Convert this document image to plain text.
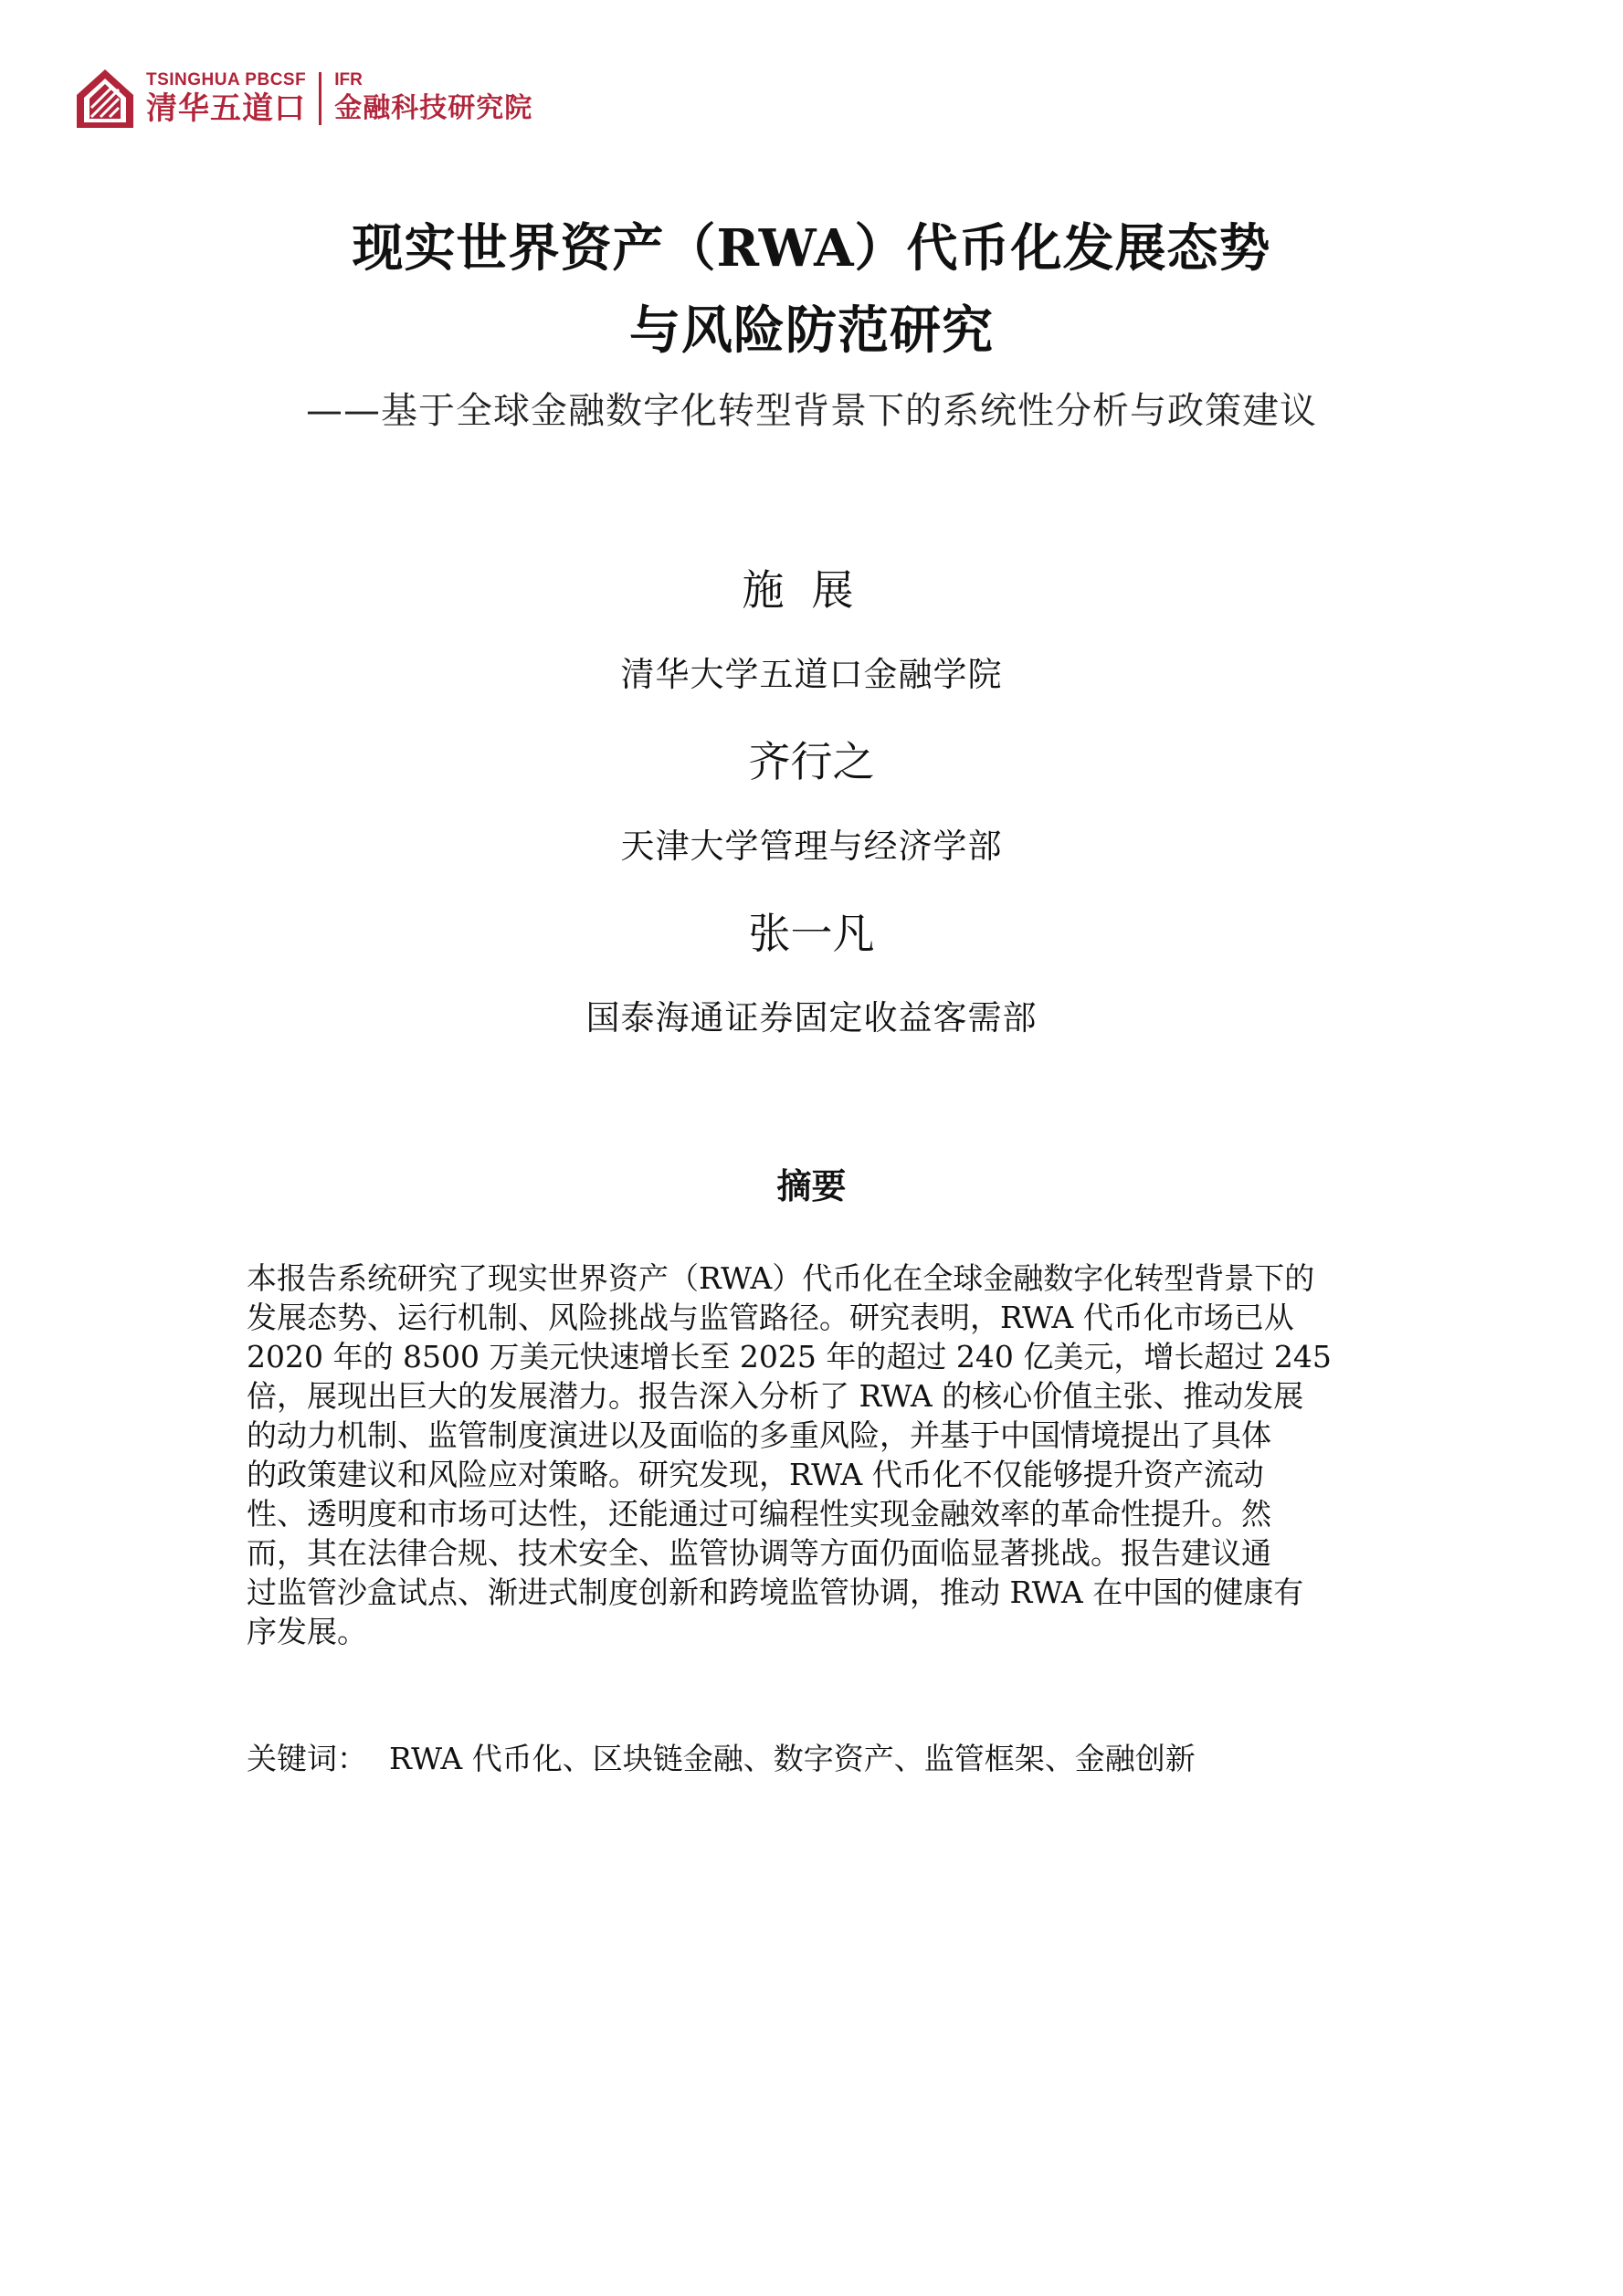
TSINGHUA PBCSF
清华五道口
IFR
金融科技研究院
现实世界资产（RWA）代币化发展态势
与风险防范研究
——基于全球金融数字化转型背景下的系统性分析与政策建议
施展
清华大学五道口金融学院
齐行之
天津大学管理与经济学部
张一凡
国泰海通证券固定收益客需部
摘要
本报告系统研究了现实世界资产（RWA）代币化在全球金融数字化转型背景下的
发展态势、运行机制、风险挑战与监管路径。研究表明，RWA 代币化市场已从
2020 年的 8500 万美元快速增长至 2025 年的超过 240 亿美元，增长超过 245
倍，展现出巨大的发展潜力。报告深入分析了 RWA 的核心价值主张、推动发展
的动力机制、监管制度演进以及面临的多重风险，并基于中国情境提出了具体
的政策建议和风险应对策略。研究发现，RWA 代币化不仅能够提升资产流动
性、透明度和市场可达性，还能通过可编程性实现金融效率的革命性提升。然
而，其在法律合规、技术安全、监管协调等方面仍面临显著挑战。报告建议通
过监管沙盒试点、渐进式制度创新和跨境监管协调，推动 RWA 在中国的健康有
序发展。
关键词： RWA 代币化、区块链金融、数字资产、监管框架、金融创新
